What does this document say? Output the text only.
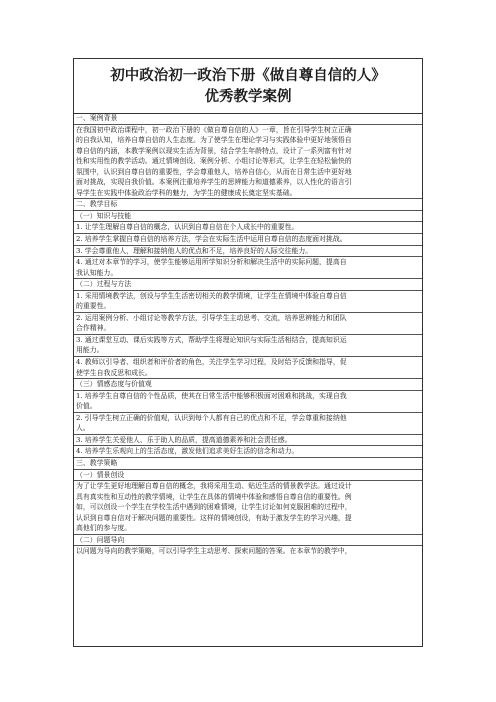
初中政治初一政治下册《做自尊自信的人》
优秀教学案例
一、案例背景
在我国初中政治课程中，初一政治下册的《做自尊自信的人》一章，旨在引导学生树立正确
的自我认知，培养自尊自信的人生态度。为了使学生在理论学习与实践体验中更好地领悟自
尊自信的内涵，本教学案例以现实生活为背景，结合学生年龄特点，设计了一系列富有针对
性和实用性的教学活动。通过情境创设、案例分析、小组讨论等形式，让学生在轻松愉快的
氛围中，认识到自尊自信的重要性，学会尊重他人，培养自信心，从而在日常生活中更好地
面对挑战，实现自我价值。本案例注重培养学生的思辨能力和道德素养，以人性化的语言引
导学生在实践中体验政治学科的魅力，为学生的健康成长奠定坚实基础。
二、教学目标
（一）知识与技能
1. 让学生理解自尊自信的概念，认识到自尊自信在个人成长中的重要性。
2. 培养学生掌握自尊自信的培养方法，学会在实际生活中运用自尊自信的态度面对挑战。
3. 学会尊重他人，理解和接纳他人的优点和不足，培养良好的人际交往能力。
4. 通过对本章节的学习，使学生能够运用所学知识分析和解决生活中的实际问题，提高自
我认知能力。
（二）过程与方法
1. 采用情境教学法，创设与学生生活密切相关的教学情境，让学生在情境中体验自尊自信
的重要性。
2. 运用案例分析、小组讨论等教学方法，引导学生主动思考、交流，培养思辨能力和团队
合作精神。
3. 通过课堂互动、课后实践等方式，帮助学生将理论知识与实际生活相结合，提高知识运
用能力。
4. 教师以引导者、组织者和评价者的角色，关注学生学习过程，及时给予反馈和指导，促
使学生自我反思和成长。
（三）情感态度与价值观
1. 培养学生自尊自信的个性品质，使其在日常生活中能够积极面对困难和挑战，实现自我
价值。
2. 引导学生树立正确的价值观，认识到每个人都有自己的优点和不足，学会尊重和接纳他
人。
3. 培养学生关爱他人、乐于助人的品质，提高道德素养和社会责任感。
4. 培养学生乐观向上的生活态度，激发他们追求美好生活的信念和动力。
三、教学策略
（一）情景创设
为了让学生更好地理解自尊自信的概念，我将采用生动、贴近生活的情景教学法。通过设计
具有真实性和互动性的教学情境，让学生在具体的情境中体验和感悟自尊自信的重要性。例
如，可以创设一个学生在学校生活中遇到的困难情境，让学生讨论如何克服困难的过程中，
认识到自尊自信对于解决问题的重要性。这样的情境创设，有助于激发学生的学习兴趣，提
高他们的参与度。
（二）问题导向
以问题为导向的教学策略，可以引导学生主动思考、探索问题的答案。在本章节的教学中，
